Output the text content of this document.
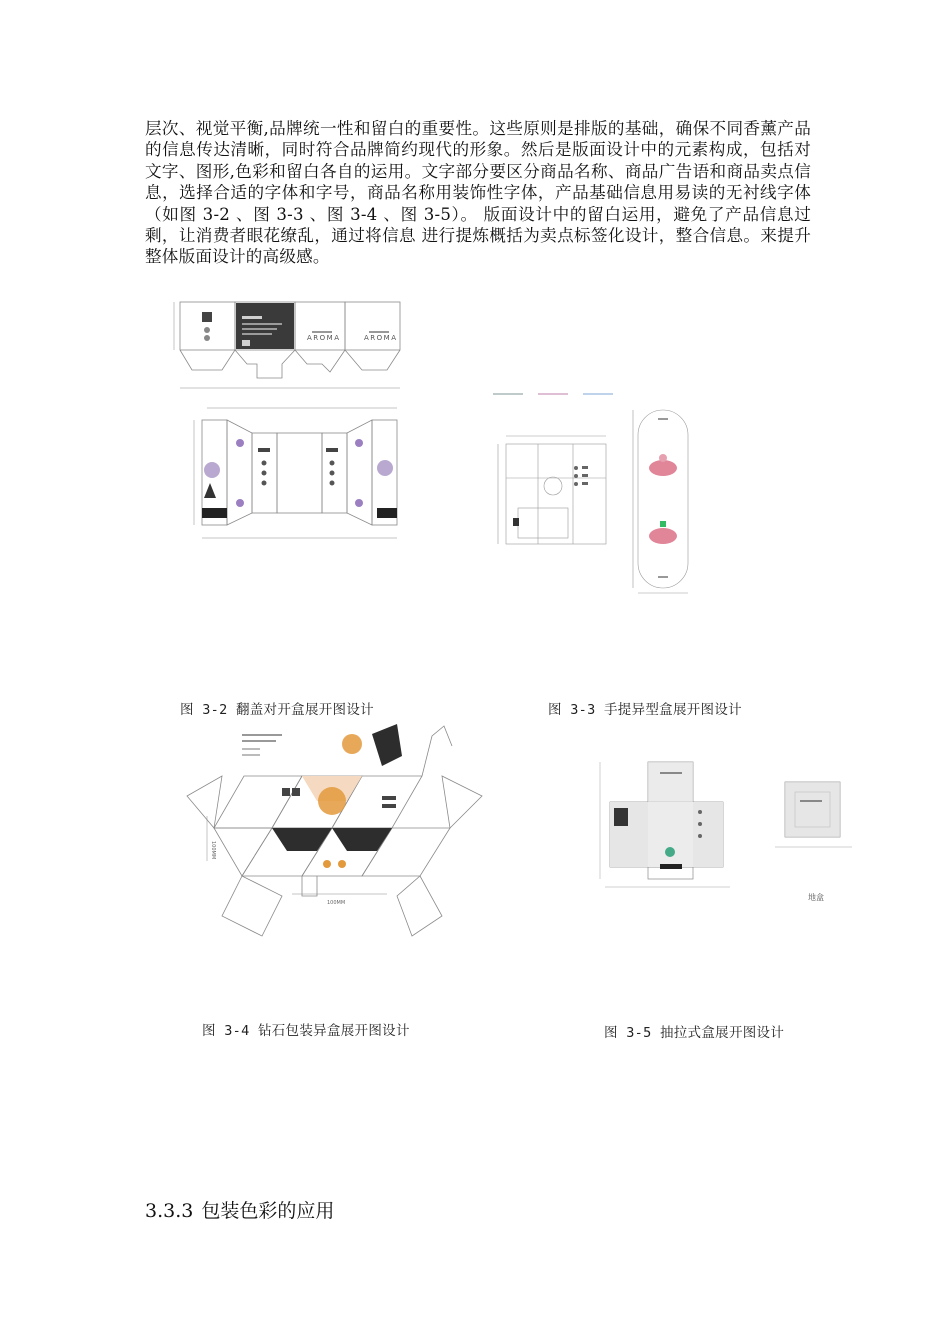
层次、视觉平衡,品牌统一性和留白的重要性。这些原则是排版的基础，确保不同香薰产品的信息传达清晰，同时符合品牌简约现代的形象。然后是版面设计中的元素构成，包括对文字、图形,色彩和留白各自的运用。文字部分要区分商品名称、商品广告语和商品卖点信息，选择合适的字体和字号，商品名称用装饰性字体，产品基础信息用易读的无衬线字体（如图 3-2 、图 3-3 、图 3-4 、图 3-5）。 版面设计中的留白运用，避免了产品信息过剩，让消费者眼花缭乱，通过将信息 进行提炼概括为卖点标签化设计，整合信息。来提升整体版面设计的高级感。

AROMA	AROMA
图 3-2 翻盖对开盒展开图设计	图 3-3 手提异型盒展开图设计
100MM
100MM
地盒
图 3-4 钻石包装异盒展开图设计	图 3-5 抽拉式盒展开图设计
3.3.3 包装色彩的应用
